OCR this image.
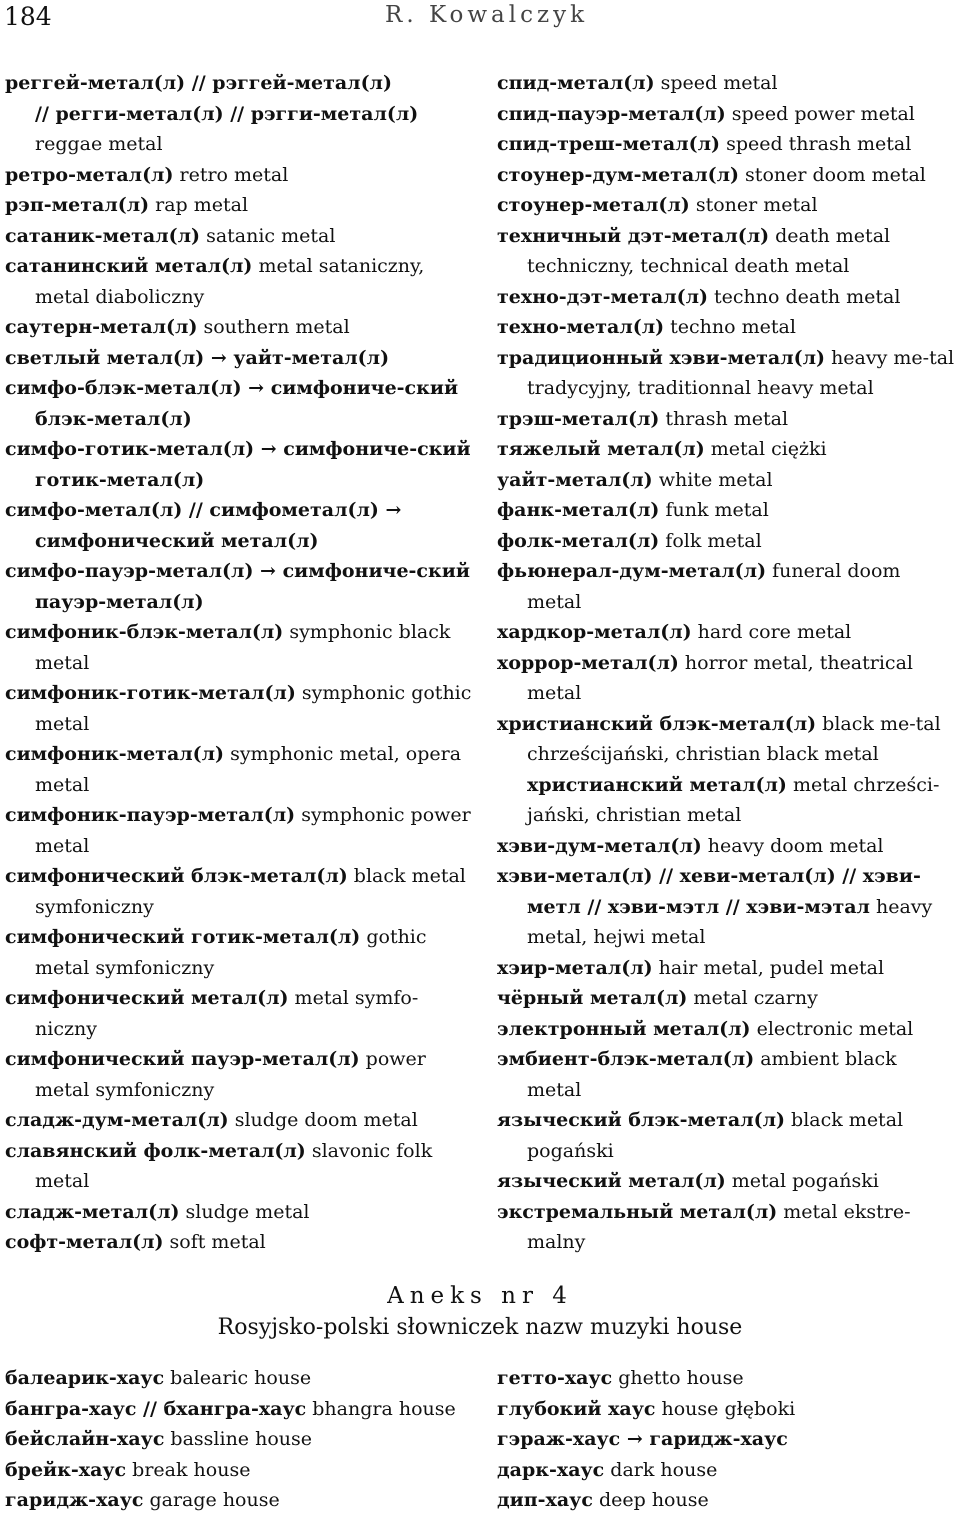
184	R. Kowalczyk

реггей-метал(л) // рэггей-метал(л)

// регги-метал(л) // рэгги-метал(л)

reggae metal

ретро-метал(л) retro metal

рэп-метал(л) rap metal

сатаник-метал(л) satanic metal

сатанинский метал(л) metal sataniczny, metal diaboliczny

саутерн-метал(л) southern metal

светлый метал(л) → уайт-метал(л)

симфо-блэк-метал(л) → симфониче-ский блэк-метал(л)

симфо-готик-метал(л) → симфониче-ский готик-метал(л)

симфо-метал(л) // симфометал(л) → симфонический метал(л)

симфо-пауэр-метал(л) → симфониче-ский пауэр-метал(л)

симфоник-блэк-метал(л) symphonic black metal

симфоник-готик-метал(л) symphonic gothic metal

симфоник-метал(л) symphonic metal, opera metal

симфоник-пауэр-метал(л) symphonic power metal

симфонический блэк-метал(л) black metal symfoniczny

симфонический готик-метал(л) gothic metal symfoniczny

симфонический метал(л) metal symfo-niczny

симфонический пауэр-метал(л) power metal symfoniczny

сладж-дум-метал(л) sludge doom metal

славянский фолк-метал(л) slavonic folk metal

сладж-метал(л) sludge metal

софт-метал(л) soft metal

спид-метал(л) speed metal

спид-пауэр-метал(л) speed power metal

спид-треш-метал(л) speed thrash metal

стоунер-дум-метал(л) stoner doom metal

стоунер-метал(л) stoner metal

техничный дэт-метал(л) death metal techniczny, technical death metal

техно-дэт-метал(л) techno death metal

техно-метал(л) techno metal

традиционный хэви-метал(л) heavy me-tal tradycyjny, traditionnal heavy metal

трэш-метал(л) thrash metal

тяжелый метал(л) metal ciężki

уайт-метал(л) white metal

фанк-метал(л) funk metal

фолк-метал(л) folk metal

фьюнерал-дум-метал(л) funeral doom metal

хардкор-метал(л) hard core metal

хоррор-метал(л) horror metal, theatrical metal

христианский блэк-метал(л) black me-tal chrześcijański, christian black metal

христианский метал(л) metal chrześci- jański, christian metal

хэви-дум-метал(л) heavy doom metal

хэви-метал(л) // хеви-метал(л) // хэви-метл // хэви-мэтл // хэви-мэтал heavy metal, hejwi metal

хэир-метал(л) hair metal, pudel metal

чёрный метал(л) metal czarny

электронный метал(л) electronic metal

эмбиент-блэк-метал(л) ambient black metal

языческий блэк-метал(л) black metal pogański

языческий метал(л) metal pogański

экстремальный метал(л) metal ekstre-malny

Aneks nr 4
Rosyjsko-polski słowniczek nazw muzyki house

балеарик-хаус balearic house

бангра-хаус // бхангра-хаус bhangra house

бейслайн-хаус bassline house

брейк-хаус break house

гаридж-хаус garage house

гетто-хаус ghetto house

глубокий хаус house głęboki

гэраж-хаус → гаридж-хаус

дарк-хаус dark house

дип-хаус deep house
